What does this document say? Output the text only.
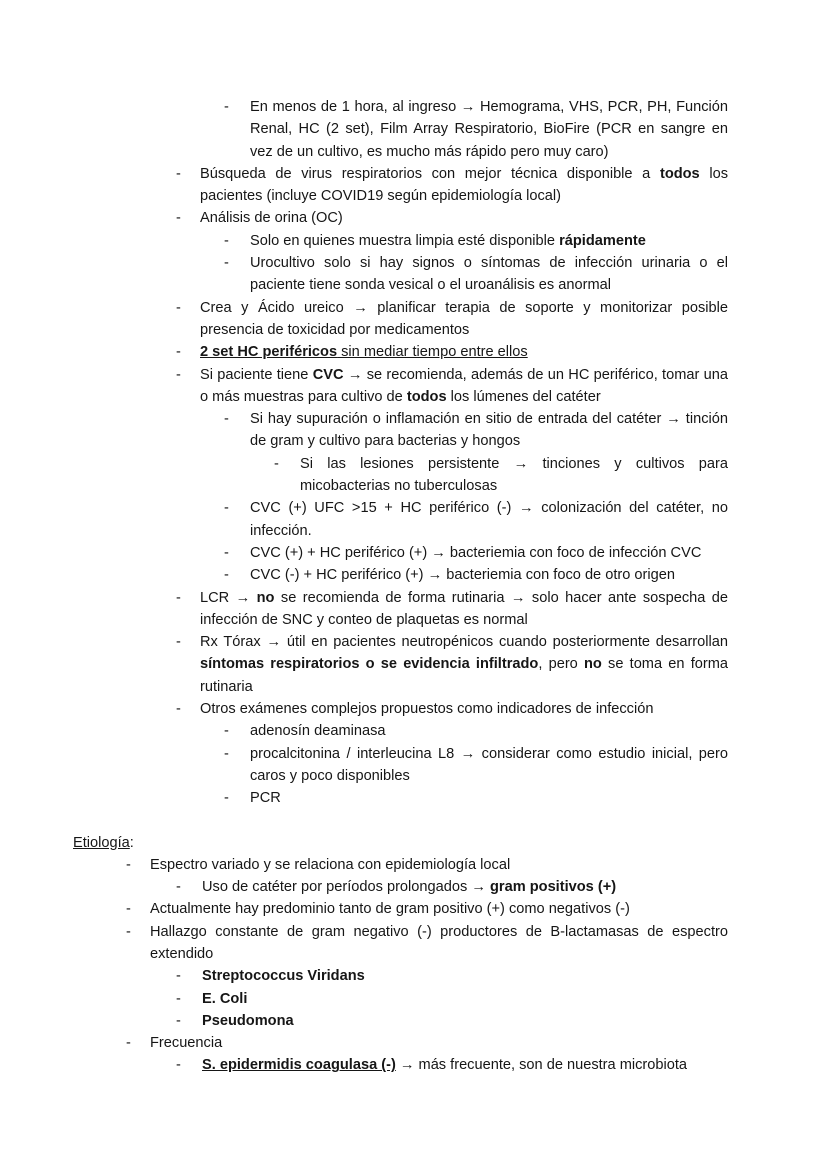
-	En menos de 1 hora, al ingreso → Hemograma, VHS, PCR, PH, Función Renal, HC (2 set), Film Array Respiratorio, BioFire (PCR en sangre en vez de un cultivo, es mucho más rápido pero muy caro)
-	Búsqueda de virus respiratorios con mejor técnica disponible a todos los pacientes (incluye COVID19 según epidemiología local)
-	Análisis de orina (OC)
-	Solo en quienes muestra limpia esté disponible rápidamente
-	Urocultivo solo si hay signos o síntomas de infección urinaria o el paciente tiene sonda vesical o el uroanálisis es anormal
-	Crea y Ácido ureico → planificar terapia de soporte y monitorizar posible presencia de toxicidad por medicamentos
-	2 set HC periféricos sin mediar tiempo entre ellos
-	Si paciente tiene CVC → se recomienda, además de un HC periférico, tomar una o más muestras para cultivo de todos los lúmenes del catéter
-	Si hay supuración o inflamación en sitio de entrada del catéter → tinción de gram y cultivo para bacterias y hongos
-	Si las lesiones persistente → tinciones y cultivos para micobacterias no tuberculosas
-	CVC (+) UFC >15 + HC periférico (-) → colonización del catéter, no infección.
-	CVC (+) + HC periférico (+) → bacteriemia con foco de infección CVC
-	CVC (-) + HC periférico (+) → bacteriemia con foco de otro origen
-	LCR → no se recomienda de forma rutinaria → solo hacer ante sospecha de infección de SNC y conteo de plaquetas es normal
-	Rx Tórax → útil en pacientes neutropénicos cuando posteriormente desarrollan síntomas respiratorios o se evidencia infiltrado, pero no se toma en forma rutinaria
-	Otros exámenes complejos propuestos como indicadores de infección
-	adenosín deaminasa
-	procalcitonina / interleucina L8 → considerar como estudio inicial, pero caros y poco disponibles
-	PCR
Etiología:
-	Espectro variado y se relaciona con epidemiología local
-	Uso de catéter por períodos prolongados → gram positivos (+)
-	Actualmente hay predominio tanto de gram positivo (+) como negativos (-)
-	Hallazgo constante de gram negativo (-) productores de B-lactamasas de espectro extendido
-	Streptococcus Viridans
-	E. Coli
-	Pseudomona
-	Frecuencia
-	S. epidermidis coagulasa (-) → más frecuente, son de nuestra microbiota
